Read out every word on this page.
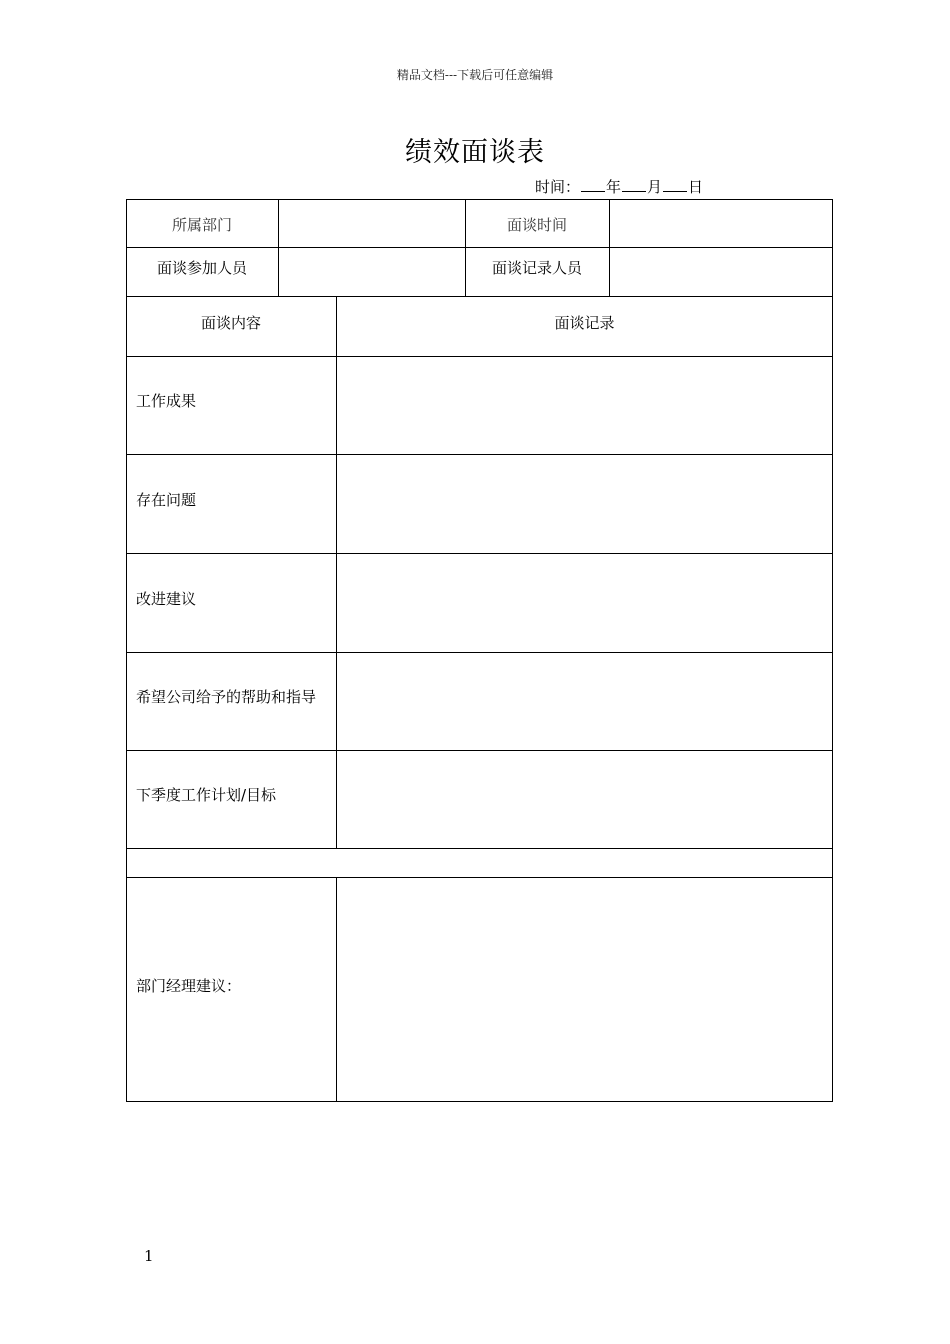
精品文档---下载后可任意编辑
绩效面谈表
时间： 年 月 日
所属部门	面谈时间
面谈参加人员	面谈记录人员
面谈内容	面谈记录
工作成果
存在问题
改进建议
希望公司给予的帮助和指导
下季度工作计划/目标
部门经理建议：
1
